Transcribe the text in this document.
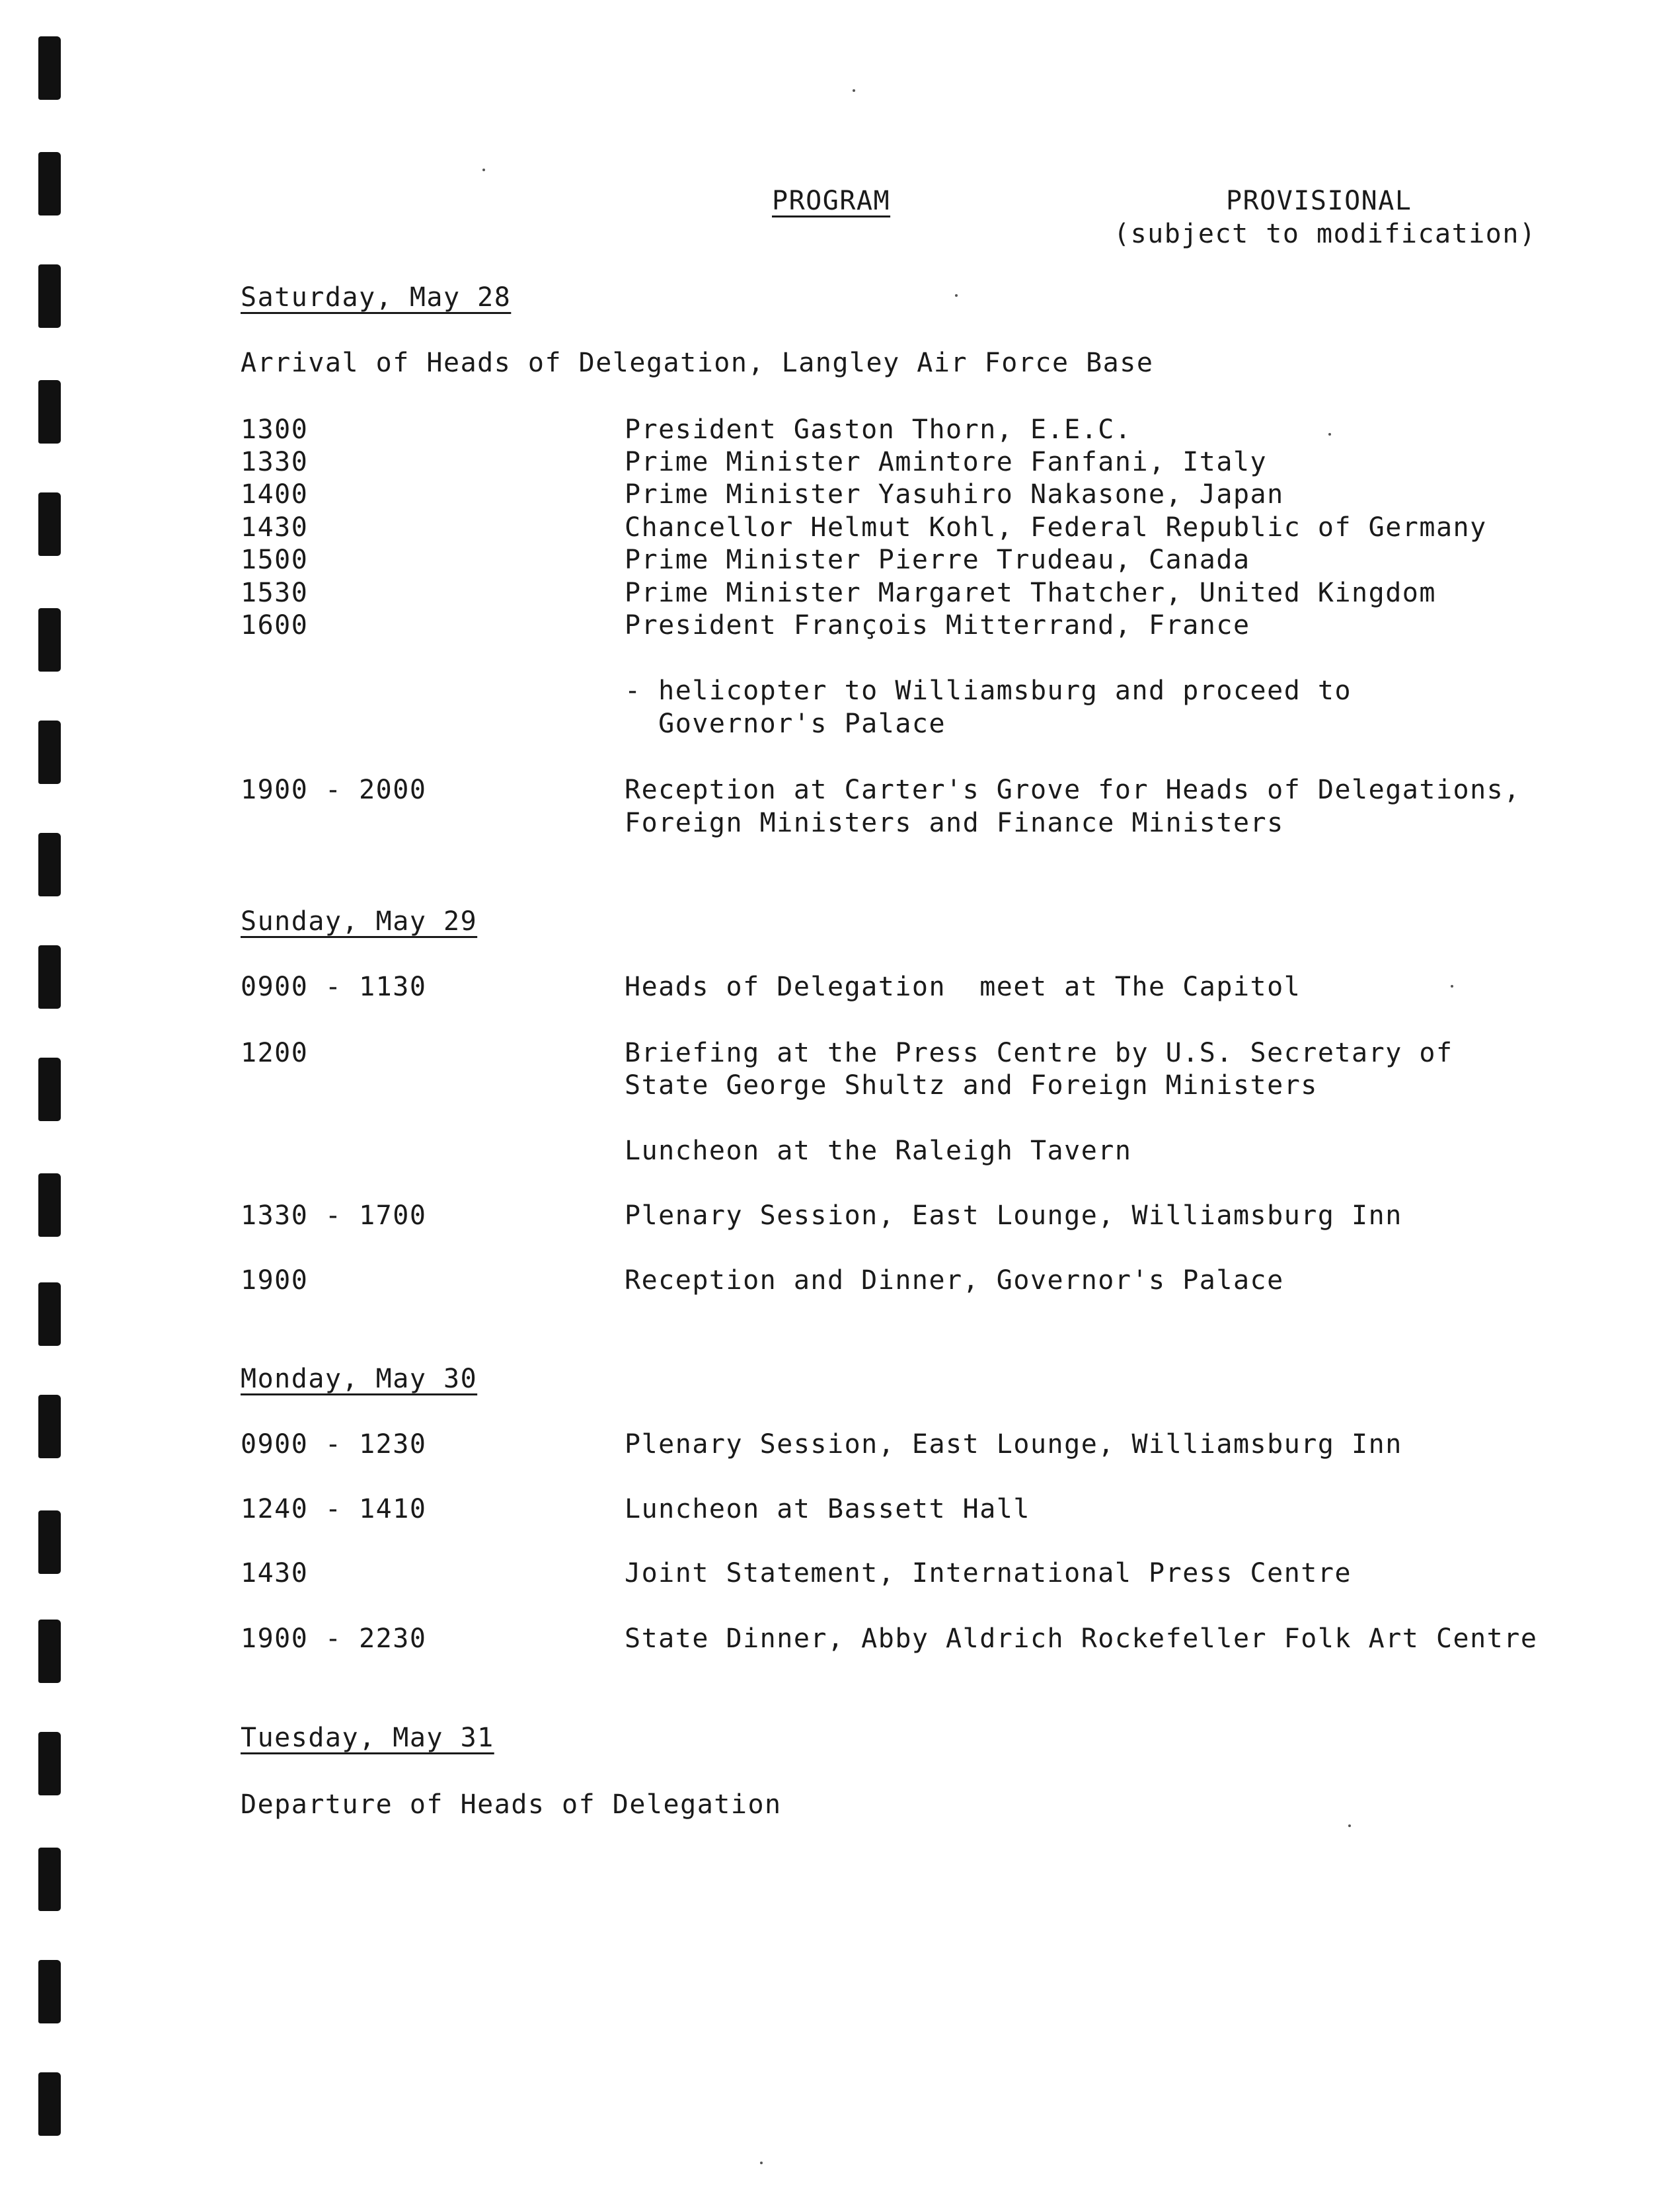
PROGRAM	PROVISIONAL
(subject to modification)
Saturday, May 28
Arrival of Heads of Delegation, Langley Air Force Base
1300	President Gaston Thorn, E.E.C.
1330	Prime Minister Amintore Fanfani, Italy
1400	Prime Minister Yasuhiro Nakasone, Japan
1430	Chancellor Helmut Kohl, Federal Republic of Germany
1500	Prime Minister Pierre Trudeau, Canada
1530	Prime Minister Margaret Thatcher, United Kingdom
1600	President François Mitterrand, France
- helicopter to Williamsburg and proceed to
Governor's Palace
1900 - 2000	Reception at Carter's Grove for Heads of Delegations,
Foreign Ministers and Finance Ministers
Sunday, May 29
0900 - 1130	Heads of Delegation  meet at The Capitol
1200	Briefing at the Press Centre by U.S. Secretary of
State George Shultz and Foreign Ministers
Luncheon at the Raleigh Tavern
1330 - 1700	Plenary Session, East Lounge, Williamsburg Inn
1900	Reception and Dinner, Governor's Palace
Monday, May 30
0900 - 1230	Plenary Session, East Lounge, Williamsburg Inn
1240 - 1410	Luncheon at Bassett Hall
1430	Joint Statement, International Press Centre
1900 - 2230	State Dinner, Abby Aldrich Rockefeller Folk Art Centre
Tuesday, May 31
Departure of Heads of Delegation
